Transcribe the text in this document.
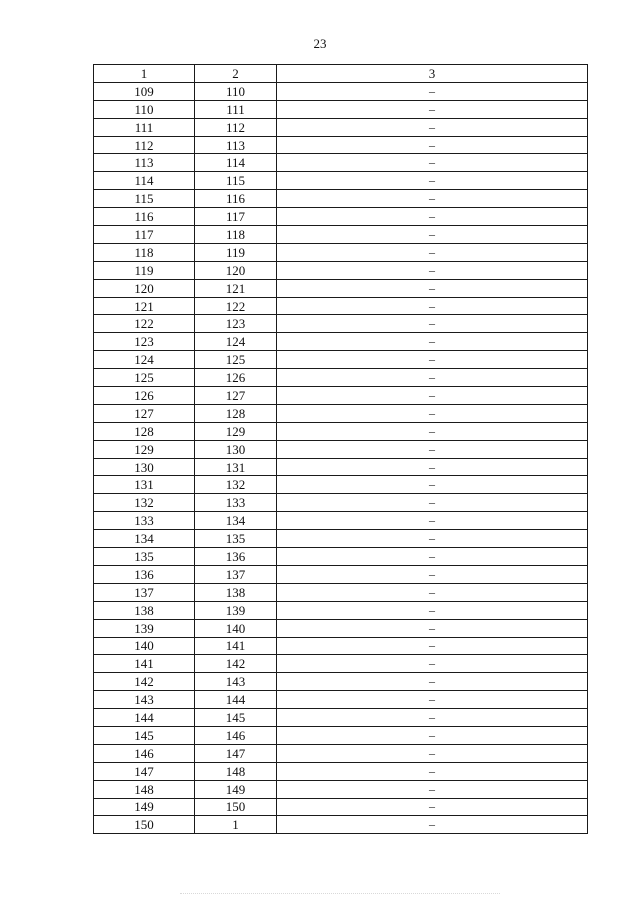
23
1	2	3
109	110	–
110	111	–
111	112	–
112	113	–
113	114	–
114	115	–
115	116	–
116	117	–
117	118	–
118	119	–
119	120	–
120	121	–
121	122	–
122	123	–
123	124	–
124	125	–
125	126	–
126	127	–
127	128	–
128	129	–
129	130	–
130	131	–
131	132	–
132	133	–
133	134	–
134	135	–
135	136	–
136	137	–
137	138	–
138	139	–
139	140	–
140	141	–
141	142	–
142	143	–
143	144	–
144	145	–
145	146	–
146	147	–
147	148	–
148	149	–
149	150	–
150	1	–
